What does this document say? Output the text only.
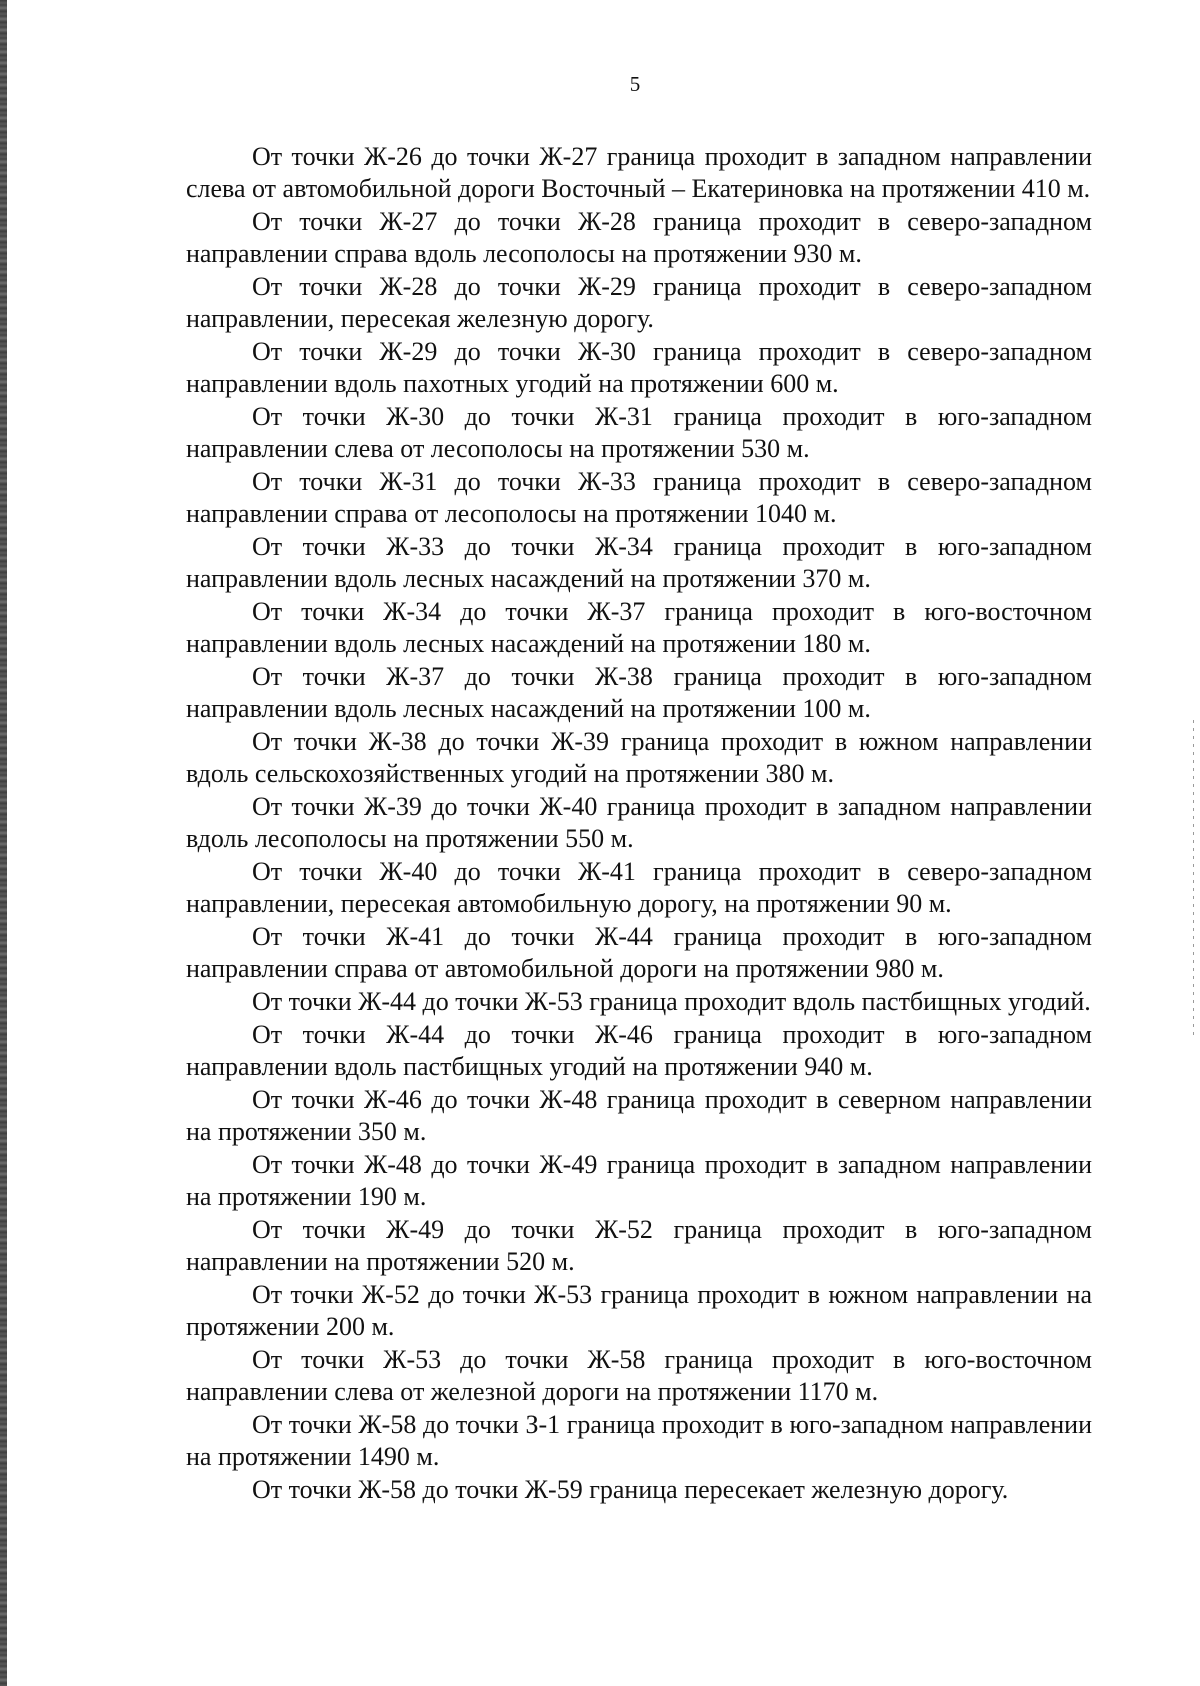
5

От точки Ж-26 до точки Ж-27 граница проходит в западном направлении слева от автомобильной дороги Восточный – Екатериновка на протяжении 410 м.

От точки Ж-27 до точки Ж-28 граница проходит в северо-западном направлении справа вдоль лесополосы на протяжении 930 м.

От точки Ж-28 до точки Ж-29 граница проходит в северо-западном направлении, пересекая железную дорогу.

От точки Ж-29 до точки Ж-30 граница проходит в северо-западном направлении вдоль пахотных угодий на протяжении 600 м.

От точки Ж-30 до точки Ж-31 граница проходит в юго-западном направлении слева от лесополосы на протяжении 530 м.

От точки Ж-31 до точки Ж-33 граница проходит в северо-западном направлении справа от лесополосы на протяжении 1040 м.

От точки Ж-33 до точки Ж-34 граница проходит в юго-западном направлении вдоль лесных насаждений на протяжении 370 м.

От точки Ж-34 до точки Ж-37 граница проходит в юго-восточном направлении вдоль лесных насаждений на протяжении 180 м.

От точки Ж-37 до точки Ж-38 граница проходит в юго-западном направлении вдоль лесных насаждений на протяжении 100 м.

От точки Ж-38 до точки Ж-39 граница проходит в южном направлении вдоль сельскохозяйственных угодий на протяжении 380 м.

От точки Ж-39 до точки Ж-40 граница проходит в западном направлении вдоль лесополосы на протяжении 550 м.

От точки Ж-40 до точки Ж-41 граница проходит в северо-западном направлении, пересекая автомобильную дорогу, на протяжении 90 м.

От точки Ж-41 до точки Ж-44 граница проходит в юго-западном направлении справа от автомобильной дороги на протяжении 980 м.

От точки Ж-44 до точки Ж-53 граница проходит вдоль пастбищных угодий.

От точки Ж-44 до точки Ж-46 граница проходит в юго-западном направлении вдоль пастбищных угодий на протяжении 940 м.

От точки Ж-46 до точки Ж-48 граница проходит в северном направлении на протяжении 350 м.

От точки Ж-48 до точки Ж-49 граница проходит в западном направлении на протяжении 190 м.

От точки Ж-49 до точки Ж-52 граница проходит в юго-западном направлении на протяжении 520 м.

От точки Ж-52 до точки Ж-53 граница проходит в южном направлении на протяжении 200 м.

От точки Ж-53 до точки Ж-58 граница проходит в юго-восточном направлении слева от железной дороги на протяжении 1170 м.

От точки Ж-58 до точки З-1 граница проходит в юго-западном направлении на протяжении 1490 м.

От точки Ж-58 до точки Ж-59 граница пересекает железную дорогу.
